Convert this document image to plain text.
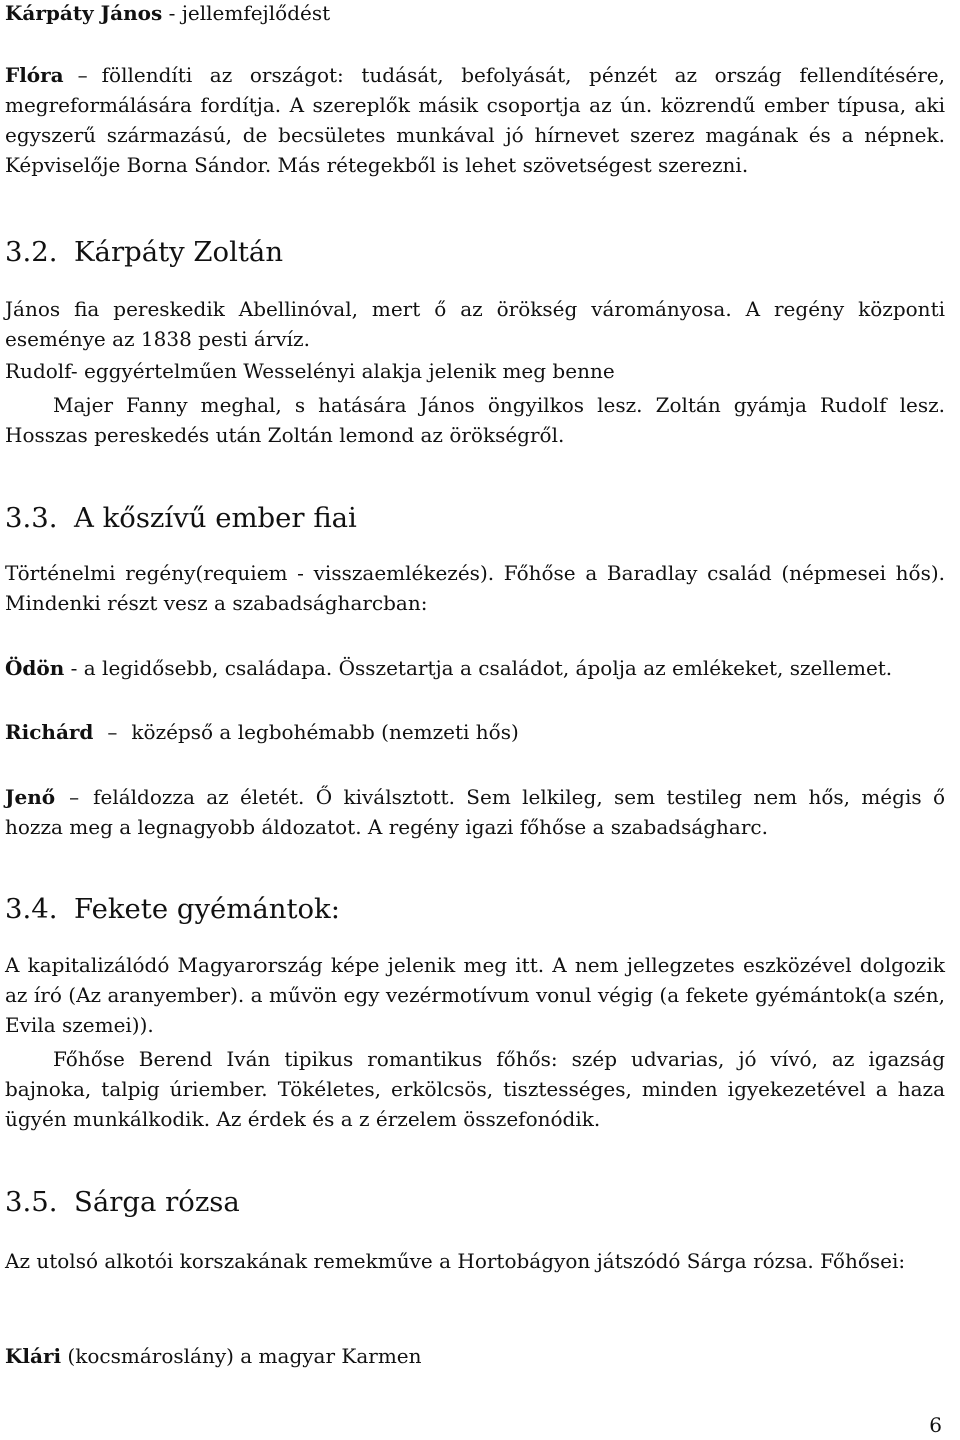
Kárpáty János - jellemfejlődést

Flóra – föllendíti az országot: tudását, befolyását, pénzét az ország fellendítésére, megreformálására fordítja. A szereplők másik csoportja az ún. közrendű ember típusa, aki egyszerű származású, de becsületes munkával jó hírnevet szerez magának és a népnek. Képviselője Borna Sándor. Más rétegekből is lehet szövetségest szerezni.

3.2. Kárpáty Zoltán

János fia pereskedik Abellinóval, mert ő az örökség várományosa. A regény központi eseménye az 1838 pesti árvíz.

Rudolf- eggyértelműen Wesselényi alakja jelenik meg benne

Majer Fanny meghal, s hatására János öngyilkos lesz. Zoltán gyámja Rudolf lesz. Hosszas pereskedés után Zoltán lemond az örökségről.

3.3. A kőszívű ember fiai

Történelmi regény(requiem - visszaemlékezés). Főhőse a Baradlay család (népmesei hős). Mindenki részt vesz a szabadságharcban:

Ödön - a legidősebb, családapa. Összetartja a családot, ápolja az emlékeket, szellemet.

Richárd – középső a legbohémabb (nemzeti hős)

Jenő – feláldozza az életét. Ő kiválsztott. Sem lelkileg, sem testileg nem hős, mégis ő hozza meg a legnagyobb áldozatot. A regény igazi főhőse a szabadságharc.

3.4. Fekete gyémántok:

A kapitalizálódó Magyarország képe jelenik meg itt. A nem jellegzetes eszközével dolgozik az író (Az aranyember). a művön egy vezérmotívum vonul végig (a fekete gyémántok(a szén, Evila szemei)).

Főhőse Berend Iván tipikus romantikus főhős: szép udvarias, jó vívó, az igazság bajnoka, talpig úriember. Tökéletes, erkölcsös, tisztességes, minden igyekezetével a haza ügyén munkálkodik. Az érdek és a z érzelem összefonódik.

3.5. Sárga rózsa

Az utolsó alkotói korszakának remekműve a Hortobágyon játszódó Sárga rózsa. Főhősei:

Klári (kocsmároslány) a magyar Karmen

6
